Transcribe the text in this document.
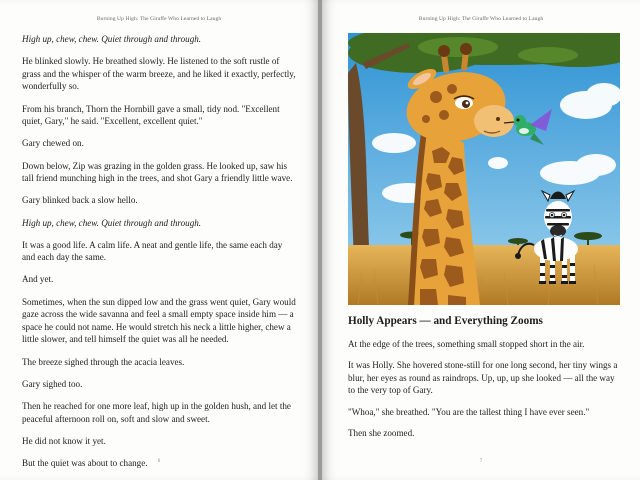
Burning Up High: The Giraffe Who Learned to Laugh

High up, chew, chew. Quiet through and through.

He blinked slowly. He breathed slowly. He listened to the soft rustle of grass and the whisper of the warm breeze, and he liked it exactly, perfectly, wonderfully so.

From his branch, Thorn the Hornbill gave a small, tidy nod. "Excellent quiet, Gary," he said. "Excellent, excellent quiet."

Gary chewed on.

Down below, Zip was grazing in the golden grass. He looked up, saw his tall friend munching high in the trees, and shot Gary a friendly little wave.

Gary blinked back a slow hello.

High up, chew, chew. Quiet through and through.

It was a good life. A calm life. A neat and gentle life, the same each day and each day the same.

And yet.

Sometimes, when the sun dipped low and the grass went quiet, Gary would gaze across the wide savanna and feel a small empty space inside him — a space he could not name. He would stretch his neck a little higher, chew a little slower, and tell himself the quiet was all he needed.

The breeze sighed through the acacia leaves.

Gary sighed too.

Then he reached for one more leaf, high up in the golden hush, and let the peaceful afternoon roll on, soft and slow and sweet.

He did not know it yet.

But the quiet was about to change.	6
Burning Up High: The Giraffe Who Learned to Laugh
Holly Appears — and Everything Zooms

At the edge of the trees, something small stopped short in the air.

It was Holly. She hovered stone-still for one long second, her tiny wings a blur, her eyes as round as raindrops. Up, up, up she looked — all the way to the very top of Gary.

"Whoa," she breathed. "You are the tallest thing I have ever seen."

Then she zoomed.

7
